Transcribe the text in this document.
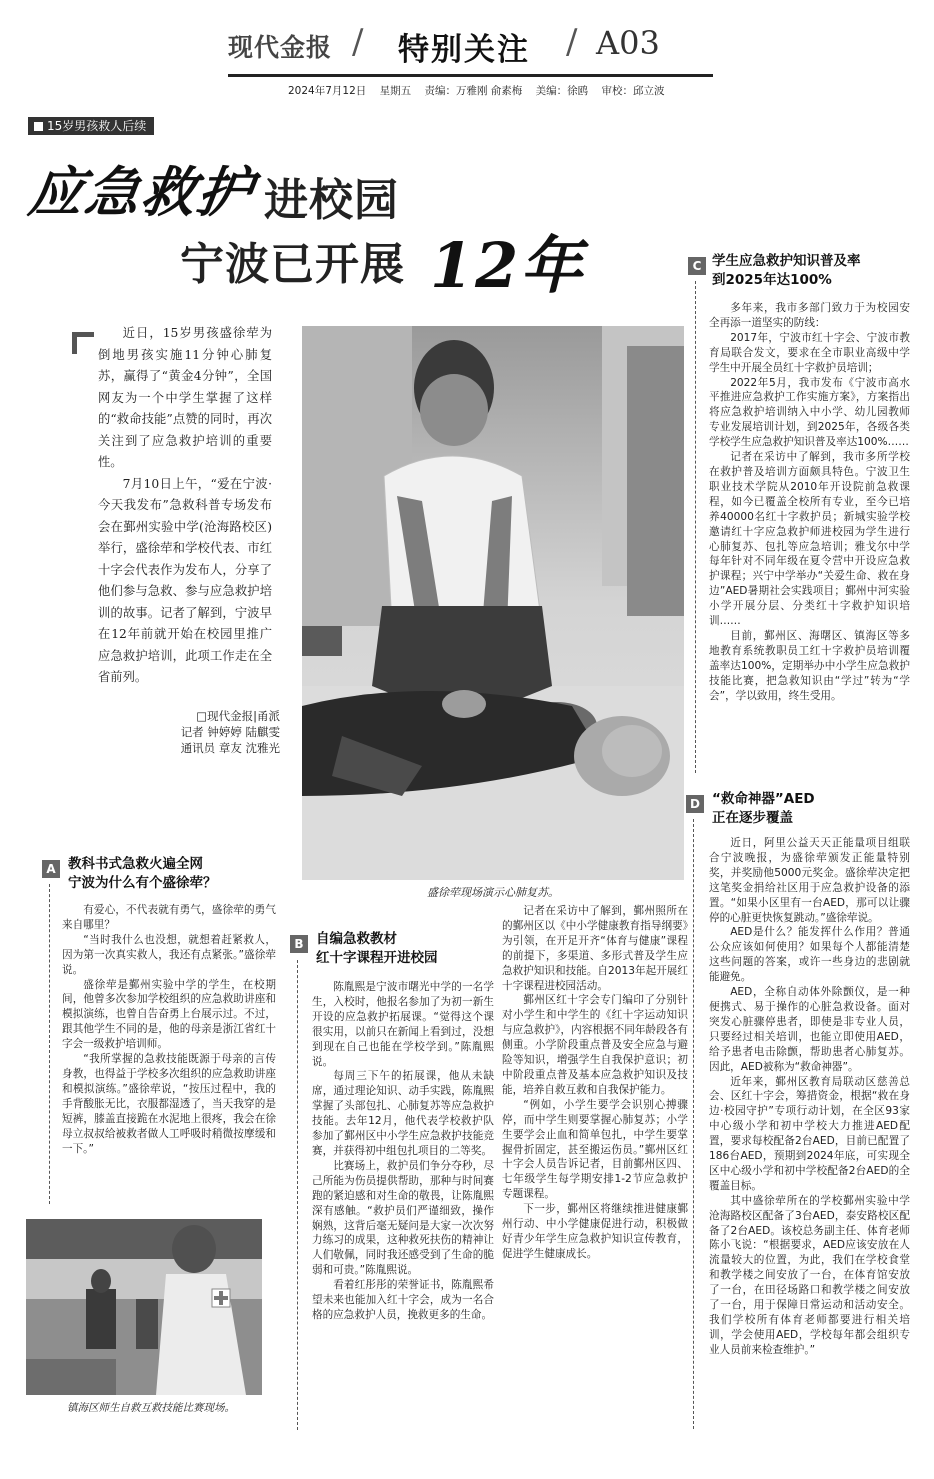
现代金报 / 特别关注 / A03
2024年7月12日 星期五 责编：万雅刚 俞素梅 美编：徐鸥 审校：邱立波
15岁男孩救人后续
应急救护 进校园
宁波已开展 12年

近日，15岁男孩盛徐荦为倒地男孩实施11分钟心肺复苏，赢得了“黄金4分钟”，全国网友为一个中学生掌握了这样的“救命技能”点赞的同时，再次关注到了应急救护培训的重要性。

7月10日上午，“爱在宁波·今天我发布”急救科普专场发布会在鄞州实验中学(沧海路校区)举行，盛徐荦和学校代表、市红十字会代表作为发布人，分享了他们参与急救、参与应急救护培训的故事。记者了解到，宁波早在12年前就开始在校园里推广应急救护培训，此项工作走在全省前列。

□现代金报|甬派
记者 钟婷婷 陆麒雯
通讯员 章友 沈雅光
盛徐荦现场演示心肺复苏。
C 学生应急救护知识普及率
到2025年达100%

多年来，我市多部门致力于为校园安全再添一道坚实的防线：

2017年，宁波市红十字会、宁波市教育局联合发文，要求在全市职业高级中学学生中开展全员红十字救护员培训；

2022年5月，我市发布《宁波市高水平推进应急救护工作实施方案》，方案指出将应急救护培训纳入中小学、幼儿园教师专业发展培训计划，到2025年，各级各类学校学生应急救护知识普及率达100%……

记者在采访中了解到，我市多所学校在救护普及培训方面颇具特色。宁波卫生职业技术学院从2010年开设院前急救课程，如今已覆盖全校所有专业，至今已培养40000名红十字救护员；新城实验学校邀请红十字应急救护师进校园为学生进行心肺复苏、包扎等应急培训；雅戈尔中学每年针对不同年级在夏令营中开设应急救护课程；兴宁中学举办“关爱生命、救在身边”AED暑期社会实践项目；鄞州中河实验小学开展分层、分类红十字救护知识培训……

目前，鄞州区、海曙区、镇海区等多地教育系统教职员工红十字救护员培训覆盖率达100%，定期举办中小学生应急救护技能比赛，把急救知识由“学过”转为“学会”，学以致用，终生受用。

D “救命神器”AED
正在逐步覆盖

近日，阿里公益天天正能量项目组联合宁波晚报，为盛徐荦颁发正能量特别奖，并奖励他5000元奖金。盛徐荦决定把这笔奖金捐给社区用于应急救护设备的添置。“如果小区里有一台AED，那可以让骤停的心脏更快恢复跳动。”盛徐荦说。

AED是什么？能发挥什么作用？普通公众应该如何使用？如果每个人都能清楚这些问题的答案，或许一些身边的悲剧就能避免。

AED，全称自动体外除颤仪，是一种便携式、易于操作的心脏急救设备。面对突发心脏骤停患者，即使是非专业人员，只要经过相关培训，也能立即使用AED，给予患者电击除颤，帮助患者心肺复苏。因此，AED被称为“救命神器”。

近年来，鄞州区教育局联动区慈善总会、区红十字会，筹措资金，根据“救在身边·校园守护”专项行动计划，在全区93家中心级小学和初中学校大力推进AED配置，要求每校配备2台AED，目前已配置了186台AED，预期到2024年底，可实现全区中心级小学和初中学校配备2台AED的全覆盖目标。

其中盛徐荦所在的学校鄞州实验中学沧海路校区配备了3台AED，泰安路校区配备了2台AED。该校总务副主任、体育老师陈小飞说：“根据要求，AED应该安放在人流量较大的位置，为此，我们在学校食堂和教学楼之间安放了一台，在体育馆安放了一台，在田径场路口和教学楼之间安放了一台，用于保障日常运动和活动安全。我们学校所有体育老师都要进行相关培训，学会使用AED，学校每年都会组织专业人员前来检查维护。”

A 教科书式急救火遍全网
宁波为什么有个盛徐荦？

有爱心，不代表就有勇气，盛徐荦的勇气来自哪里？

“当时我什么也没想，就想着赶紧救人，因为第一次真实救人，我还有点紧张。”盛徐荦说。

盛徐荦是鄞州实验中学的学生，在校期间，他曾多次参加学校组织的应急救助讲座和模拟演练，也曾自告奋勇上台展示过。不过，跟其他学生不同的是，他的母亲是浙江省红十字会一级救护培训师。

“我所掌握的急救技能既源于母亲的言传身教，也得益于学校多次组织的应急救助讲座和模拟演练。”盛徐荦说，“按压过程中，我的手背酸胀无比，衣服都湿透了，当天我穿的是短裤，膝盖直接跪在水泥地上很疼，我会在徐母立叔叔给被救者做人工呼吸时稍微按摩缓和一下。”

镇海区师生自救互救技能比赛现场。
B 自编急救教材
红十字课程开进校园

陈胤熙是宁波市曙光中学的一名学生，入校时，他报名参加了为初一新生开设的应急救护拓展课。“觉得这个课很实用，以前只在新闻上看到过，没想到现在自己也能在学校学到。”陈胤熙说。

每周三下午的拓展课，他从未缺席，通过理论知识、动手实践，陈胤熙掌握了头部包扎、心肺复苏等应急救护技能。去年12月，他代表学校救护队参加了鄞州区中小学生应急救护技能竞赛，并获得初中组包扎项目的二等奖。

比赛场上，救护员们争分夺秒，尽己所能为伤员提供帮助，那种与时间赛跑的紧迫感和对生命的敬畏，让陈胤熙深有感触。“救护员们严谨细致，操作娴熟，这背后毫无疑问是大家一次次努力练习的成果，这种救死扶伤的精神让人们敬佩，同时我还感受到了生命的脆弱和可贵。”陈胤熙说。

看着红彤彤的荣誉证书，陈胤熙希望未来也能加入红十字会，成为一名合格的应急救护人员，挽救更多的生命。

记者在采访中了解到，鄞州照所在的鄞州区以《中小学健康教育指导纲要》为引领，在开足开齐“体育与健康”课程的前提下，多渠道、多形式普及学生应急救护知识和技能。自2013年起开展红十字课程进校园活动。

鄞州区红十字会专门编印了分别针对小学生和中学生的《红十字运动知识与应急救护》，内容根据不同年龄段各有侧重。小学阶段重点普及安全应急与避险等知识，增强学生自我保护意识；初中阶段重点普及基本应急救护知识及技能，培养自救互救和自我保护能力。

“例如，小学生要学会识别心搏骤停，而中学生则要掌握心肺复苏；小学生要学会止血和简单包扎，中学生要掌握骨折固定，甚至搬运伤员。”鄞州区红十字会人员告诉记者，目前鄞州区四、七年级学生每学期安排1-2节应急救护专题课程。

下一步，鄞州区将继续推进健康鄞州行动、中小学健康促进行动，积极做好青少年学生应急救护知识宣传教育，促进学生健康成长。
